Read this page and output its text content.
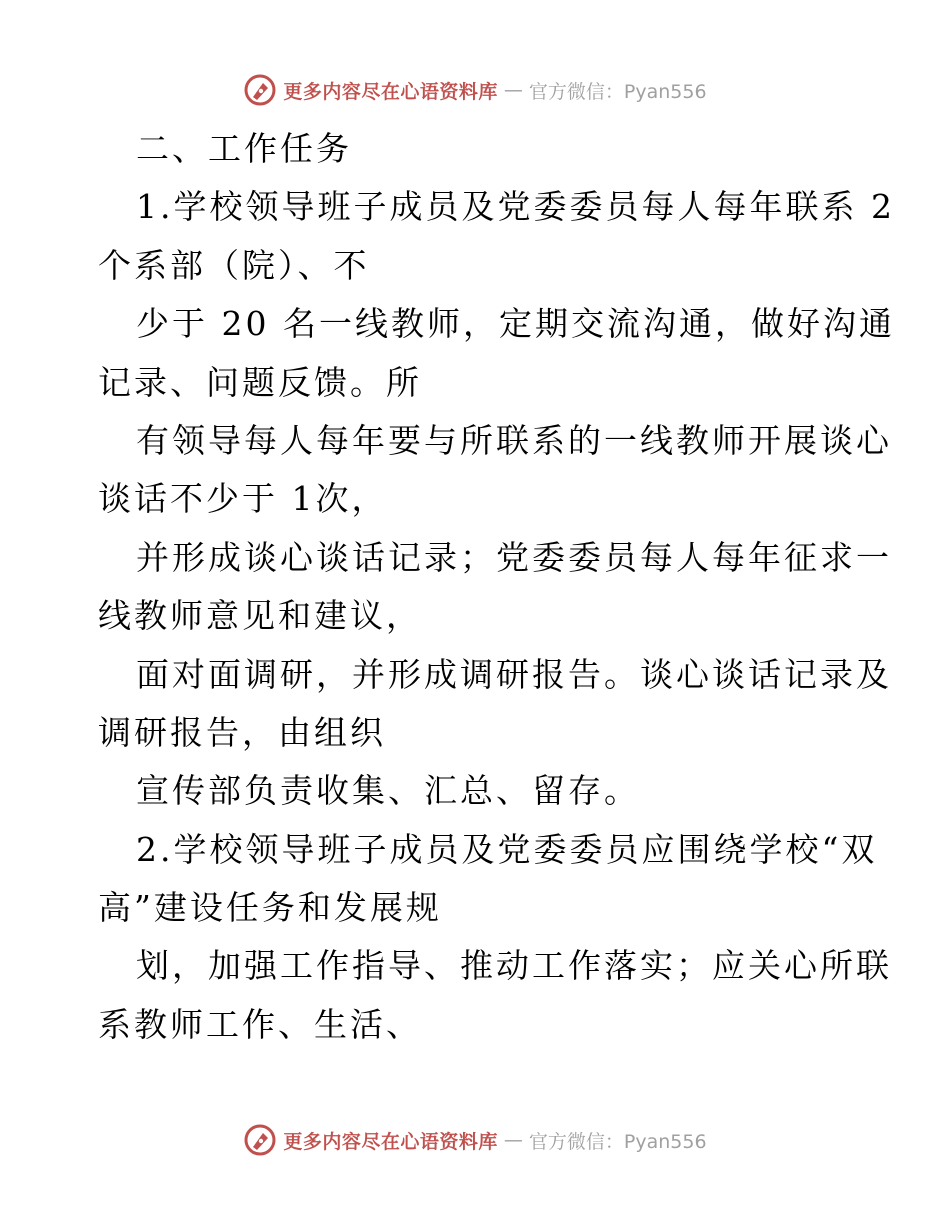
更多内容尽在心语资料库 — 官方微信：Pyan556
二、工作任务
1.学校领导班子成员及党委委员每人每年联系 2
个系部（院）、不
少于 20 名一线教师，定期交流沟通，做好沟通
记录、问题反馈。所
有领导每人每年要与所联系的一线教师开展谈心
谈话不少于 1次，
并形成谈心谈话记录；党委委员每人每年征求一
线教师意见和建议，
面对面调研，并形成调研报告。谈心谈话记录及
调研报告，由组织
宣传部负责收集、汇总、留存。
2.学校领导班子成员及党委委员应围绕学校“双
高”建设任务和发展规
划，加强工作指导、推动工作落实；应关心所联
系教师工作、生活、
更多内容尽在心语资料库 — 官方微信：Pyan556
